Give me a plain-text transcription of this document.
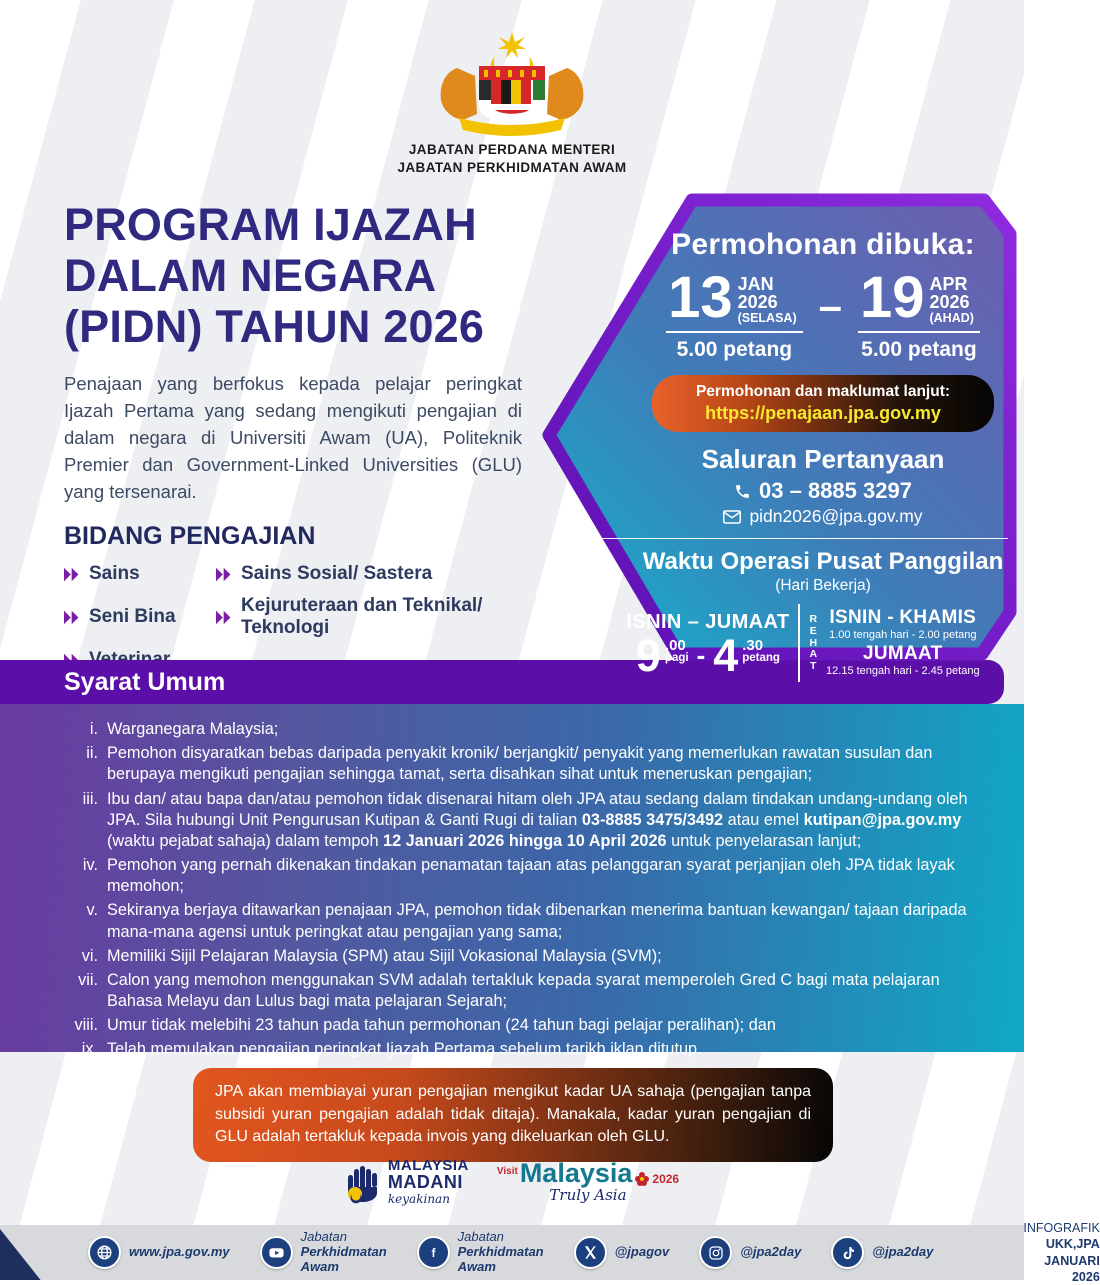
JABATAN PERDANA MENTERI
JABATAN PERKHIDMATAN AWAM
PROGRAM IJAZAH
DALAM NEGARA
(PIDN) TAHUN 2026

Penajaan yang berfokus kepada pelajar peringkat Ijazah Pertama yang sedang mengikuti pengajian di dalam negara di Universiti Awam (UA), Politeknik Premier dan Government-Linked Universities (GLU) yang tersenarai.

BIDANG PENGAJIAN
Sains	Sains Sosial/ Sastera
Seni Bina
Kejuruteraan dan Teknikal/ Teknologi
Permohonan dibuka:
13 JAN
2026
(SELASA)
5.00 petang
– 19 APR
2026
(AHAD)
5.00 petang
Permohonan dan maklumat lanjut:
https://penajaan.jpa.gov.my
Saluran Pertanyaan
03 – 8885 3297
pidn2026@jpa.gov.my
Waktu Operasi Pusat Panggilan
(Hari Bekerja)
ISNIN – JUMAAT
9 .00
pagi - 4 .30
petang
R
E
H
A
T
ISNIN - KHAMIS
1.00 tengah hari - 2.00 petang
JUMAAT
12.15 tengah hari - 2.45 petang
Syarat Umum
i. Warganegara Malaysia;
ii. Pemohon disyaratkan bebas daripada penyakit kronik/ berjangkit/ penyakit yang memerlukan rawatan susulan dan berupaya mengikuti pengajian sehingga tamat, serta disahkan sihat untuk meneruskan pengajian;
iii. Ibu dan/ atau bapa dan/atau pemohon tidak disenarai hitam oleh JPA atau sedang dalam tindakan undang-undang oleh JPA. Sila hubungi Unit Pengurusan Kutipan & Ganti Rugi di talian 03-8885 3475/3492 atau emel kutipan@jpa.gov.my (waktu pejabat sahaja) dalam tempoh 12 Januari 2026 hingga 10 April 2026 untuk penyelarasan lanjut;
iv. Pemohon yang pernah dikenakan tindakan penamatan tajaan atas pelanggaran syarat perjanjian oleh JPA tidak layak memohon;
v. Sekiranya berjaya ditawarkan penajaan JPA, pemohon tidak dibenarkan menerima bantuan kewangan/ tajaan daripada mana-mana agensi untuk peringkat atau pengajian yang sama;
vi. Memiliki Sijil Pelajaran Malaysia (SPM) atau Sijil Vokasional Malaysia (SVM);
vii. Calon yang memohon menggunakan SVM adalah tertakluk kepada syarat memperoleh Gred C bagi mata pelajaran Bahasa Melayu dan Lulus bagi mata pelajaran Sejarah;
viii. Umur tidak melebihi 23 tahun pada tahun permohonan (24 tahun bagi pelajar peralihan); dan
ix. Telah memulakan pengajian peringkat Ijazah Pertama sebelum tarikh iklan ditutup.
JPA akan membiayai yuran pengajian mengikut kadar UA sahaja (pengajian tanpa subsidi yuran pengajian adalah tidak ditaja). Manakala, kadar yuran pengajian di GLU adalah tertakluk kepada invois yang dikeluarkan oleh GLU.
MALAYSIA
MADANI
keyakinan
Visit Malaysia 2026
Truly Asia
www.jpa.gov.my
Jabatan
Perkhidmatan Awam
f
Jabatan
Perkhidmatan Awam
@jpagov	@jpa2day	@jpa2day
INFOGRAFIK UKK,JPA
JANUARI 2026
